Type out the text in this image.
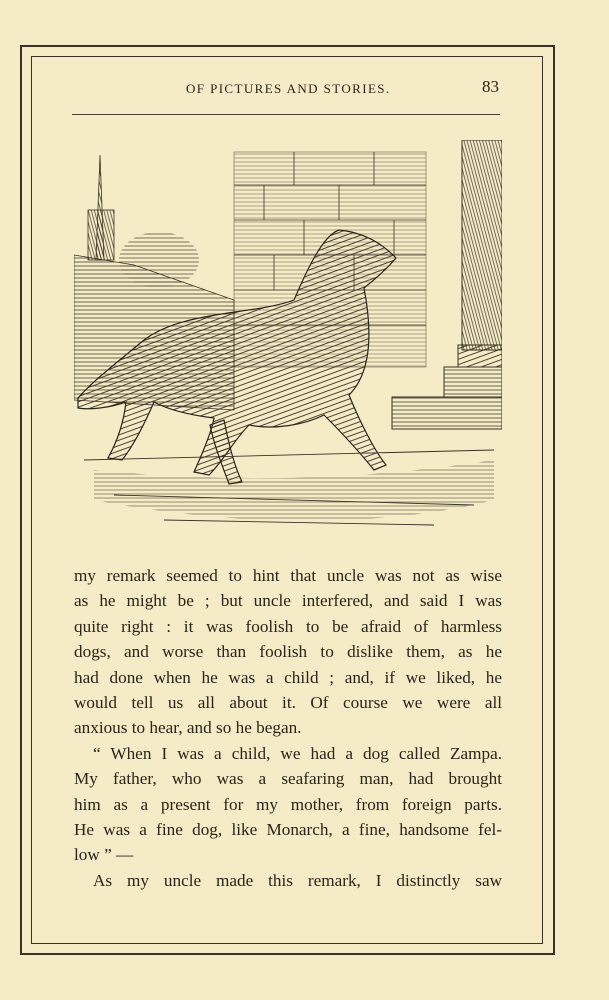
OF PICTURES AND STORIES.	83

my remark seemed to hint that uncle was not as wise

as he might be ; but uncle interfered, and said I was

quite right : it was foolish to be afraid of harmless

dogs, and worse than foolish to dislike them, as he

had done when he was a child ; and, if we liked, he

would tell us all about it. Of course we were all

anxious to hear, and so he began.

“ When I was a child, we had a dog called Zampa.

My father, who was a seafaring man, had brought

him as a present for my mother, from foreign parts.

He was a fine dog, like Monarch, a fine, handsome fel-

low ” —

As my uncle made this remark, I distinctly saw
